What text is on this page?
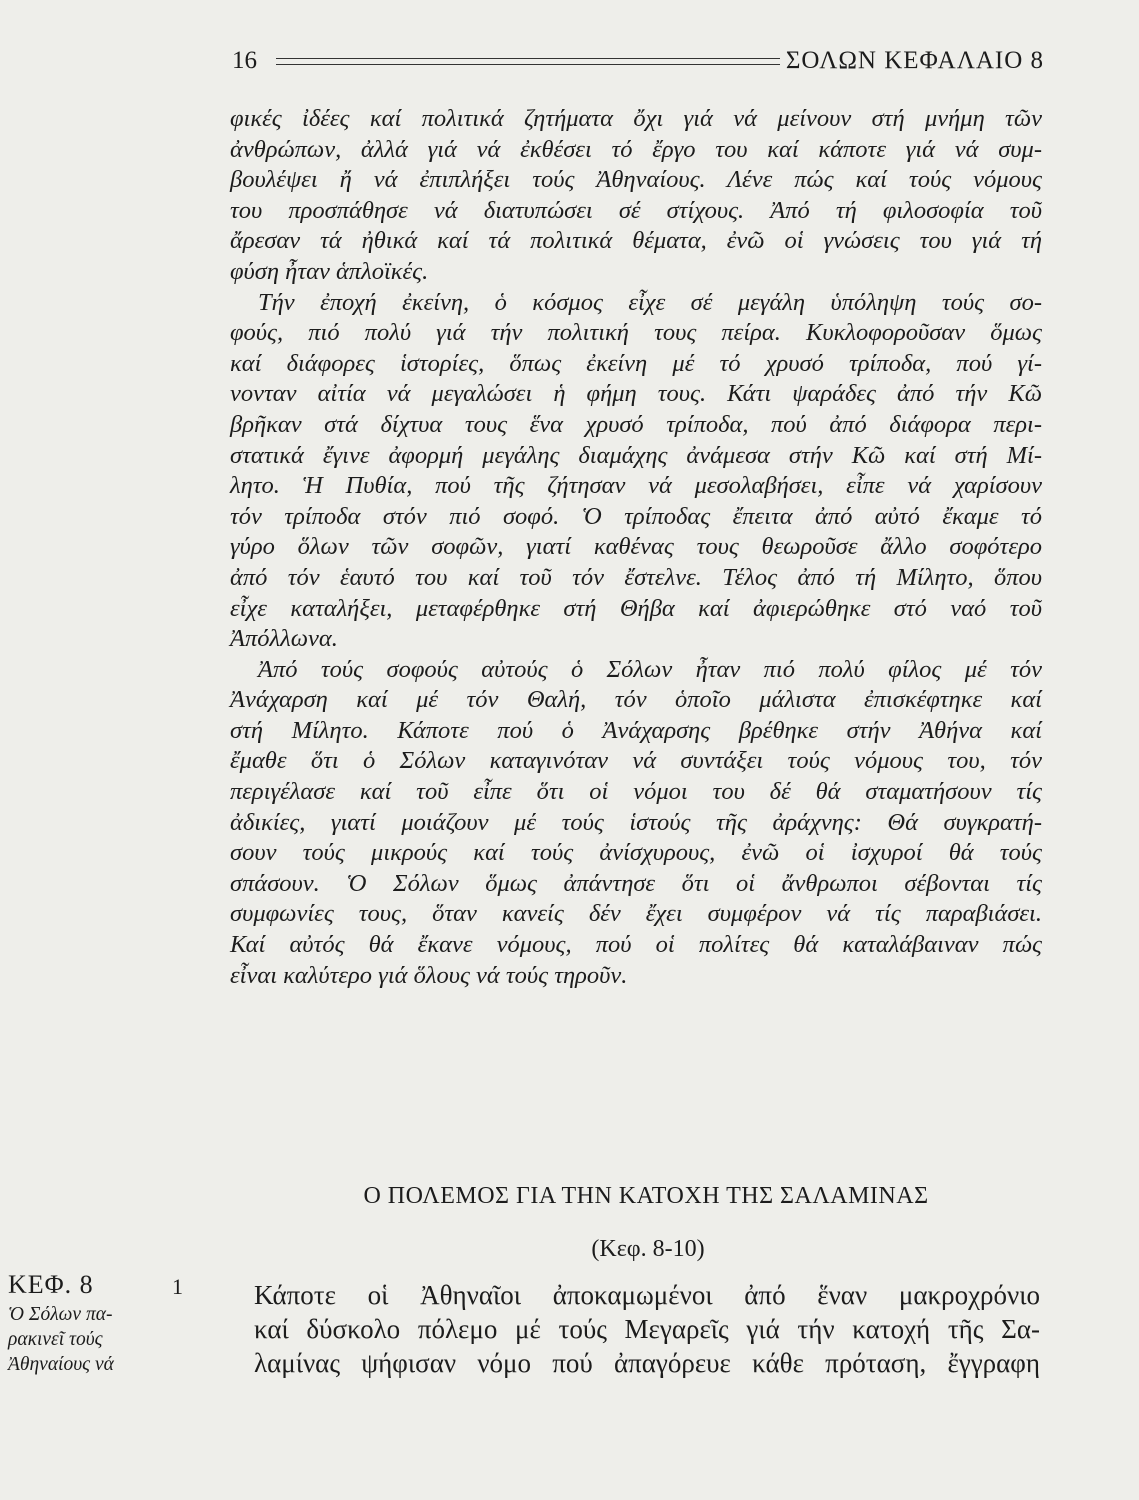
16	ΣΟΛΩΝ ΚΕΦΑΛΑΙΟ 8
φικές ἰδέες καί πολιτικά ζητήματα ὄχι γιά νά μείνουν στή μνήμη τῶν
ἀνθρώπων, ἀλλά γιά νά ἐκθέσει τό ἔργο του καί κάποτε γιά νά συμ-
βουλέψει ἤ νά ἐπιπλήξει τούς Ἀθηναίους. Λένε πώς καί τούς νόμους
του προσπάθησε νά διατυπώσει σέ στίχους. Ἀπό τή φιλοσοφία τοῦ
ἄρεσαν τά ἠθικά καί τά πολιτικά θέματα, ἐνῶ οἱ γνώσεις του γιά τή
φύση ἦταν ἁπλοϊκές.
Τήν ἐποχή ἐκείνη, ὁ κόσμος εἶχε σέ μεγάλη ὑπόληψη τούς σο-
φούς, πιό πολύ γιά τήν πολιτική τους πείρα. Κυκλοφοροῦσαν ὅμως
καί διάφορες ἱστορίες, ὅπως ἐκείνη μέ τό χρυσό τρίποδα, πού γί-
νονταν αἰτία νά μεγαλώσει ἡ φήμη τους. Κάτι ψαράδες ἀπό τήν Κῶ
βρῆκαν στά δίχτυα τους ἕνα χρυσό τρίποδα, πού ἀπό διάφορα περι-
στατικά ἔγινε ἀφορμή μεγάλης διαμάχης ἀνάμεσα στήν Κῶ καί στή Μί-
λητο. Ἡ Πυθία, πού τῆς ζήτησαν νά μεσολαβήσει, εἶπε νά χαρίσουν
τόν τρίποδα στόν πιό σοφό. Ὁ τρίποδας ἔπειτα ἀπό αὐτό ἔκαμε τό
γύρο ὅλων τῶν σοφῶν, γιατί καθένας τους θεωροῦσε ἄλλο σοφότερο
ἀπό τόν ἑαυτό του καί τοῦ τόν ἔστελνε. Τέλος ἀπό τή Μίλητο, ὅπου
εἶχε καταλήξει, μεταφέρθηκε στή Θήβα καί ἀφιερώθηκε στό ναό τοῦ
Ἀπόλλωνα.
Ἀπό τούς σοφούς αὐτούς ὁ Σόλων ἦταν πιό πολύ φίλος μέ τόν
Ἀνάχαρση καί μέ τόν Θαλή, τόν ὁποῖο μάλιστα ἐπισκέφτηκε καί
στή Μίλητο. Κάποτε πού ὁ Ἀνάχαρσης βρέθηκε στήν Ἀθήνα καί
ἔμαθε ὅτι ὁ Σόλων καταγινόταν νά συντάξει τούς νόμους του, τόν
περιγέλασε καί τοῦ εἶπε ὅτι οἱ νόμοι του δέ θά σταματήσουν τίς
ἀδικίες, γιατί μοιάζουν μέ τούς ἱστούς τῆς ἀράχνης: Θά συγκρατή-
σουν τούς μικρούς καί τούς ἀνίσχυρους, ἐνῶ οἱ ἰσχυροί θά τούς
σπάσουν. Ὁ Σόλων ὅμως ἀπάντησε ὅτι οἱ ἄνθρωποι σέβονται τίς
συμφωνίες τους, ὅταν κανείς δέν ἔχει συμφέρον νά τίς παραβιάσει.
Καί αὐτός θά ἔκανε νόμους, πού οἱ πολίτες θά καταλάβαιναν πώς
εἶναι καλύτερο γιά ὅλους νά τούς τηροῦν.
Ο ΠΟΛΕΜΟΣ ΓΙΑ ΤΗΝ ΚΑΤΟΧΗ ΤΗΣ ΣΑΛΑΜΙΝΑΣ
(Κεφ. 8-10)
ΚΕΦ. 8
Ὁ Σόλων πα-
ρακινεῖ τούς
Ἀθηναίους νά
1	Κάποτε οἱ Ἀθηναῖοι ἀποκαμωμένοι ἀπό ἕναν μακροχρόνιο
καί δύσκολο πόλεμο μέ τούς Μεγαρεῖς γιά τήν κατοχή τῆς Σα-
λαμίνας ψήφισαν νόμο πού ἀπαγόρευε κάθε πρόταση, ἔγγραφη
